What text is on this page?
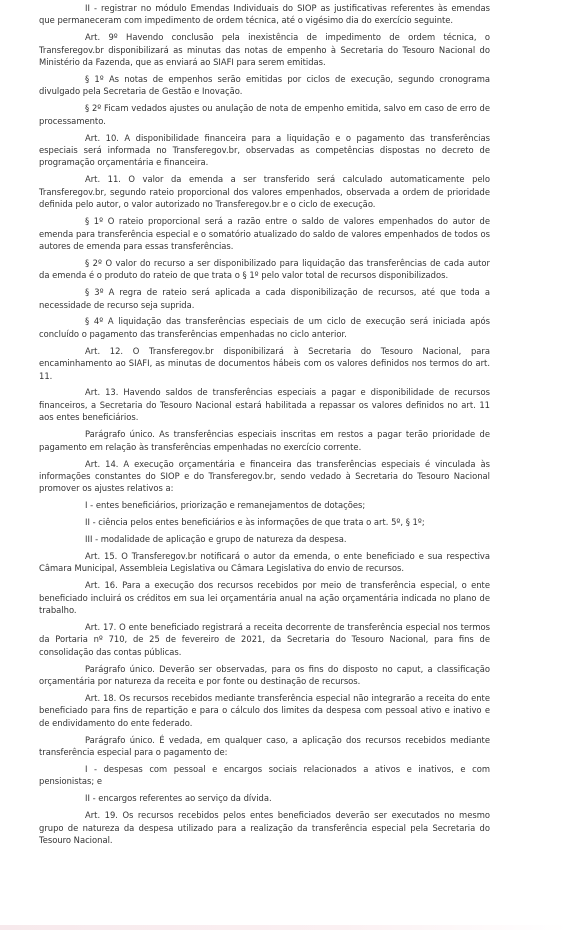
II - registrar no módulo Emendas Individuais do SIOP as justificativas referentes às emendas que permaneceram com impedimento de ordem técnica, até o vigésimo dia do exercício seguinte.

Art. 9º Havendo conclusão pela inexistência de impedimento de ordem técnica, o Transferegov.br disponibilizará as minutas das notas de empenho à Secretaria do Tesouro Nacional do Ministério da Fazenda, que as enviará ao SIAFI para serem emitidas.

§ 1º As notas de empenhos serão emitidas por ciclos de execução, segundo cronograma divulgado pela Secretaria de Gestão e Inovação.

§ 2º Ficam vedados ajustes ou anulação de nota de empenho emitida, salvo em caso de erro de processamento.

Art. 10. A disponibilidade financeira para a liquidação e o pagamento das transferências especiais será informada no Transferegov.br, observadas as competências dispostas no decreto de programação orçamentária e financeira.

Art. 11. O valor da emenda a ser transferido será calculado automaticamente pelo Transferegov.br, segundo rateio proporcional dos valores empenhados, observada a ordem de prioridade definida pelo autor, o valor autorizado no Transferegov.br e o ciclo de execução.

§ 1º O rateio proporcional será a razão entre o saldo de valores empenhados do autor de emenda para transferência especial e o somatório atualizado do saldo de valores empenhados de todos os autores de emenda para essas transferências.

§ 2º O valor do recurso a ser disponibilizado para liquidação das transferências de cada autor da emenda é o produto do rateio de que trata o § 1º pelo valor total de recursos disponibilizados.

§ 3º A regra de rateio será aplicada a cada disponibilização de recursos, até que toda a necessidade de recurso seja suprida.

§ 4º A liquidação das transferências especiais de um ciclo de execução será iniciada após concluído o pagamento das transferências empenhadas no ciclo anterior.

Art. 12. O Transferegov.br disponibilizará à Secretaria do Tesouro Nacional, para encaminhamento ao SIAFI, as minutas de documentos hábeis com os valores definidos nos termos do art. 11.

Art. 13. Havendo saldos de transferências especiais a pagar e disponibilidade de recursos financeiros, a Secretaria do Tesouro Nacional estará habilitada a repassar os valores definidos no art. 11 aos entes beneficiários.

Parágrafo único. As transferências especiais inscritas em restos a pagar terão prioridade de pagamento em relação às transferências empenhadas no exercício corrente.

Art. 14. A execução orçamentária e financeira das transferências especiais é vinculada às informações constantes do SIOP e do Transferegov.br, sendo vedado à Secretaria do Tesouro Nacional promover os ajustes relativos a:

I - entes beneficiários, priorização e remanejamentos de dotações;

II - ciência pelos entes beneficiários e às informações de que trata o art. 5º, § 1º;

III - modalidade de aplicação e grupo de natureza da despesa.

Art. 15. O Transferegov.br notificará o autor da emenda, o ente beneficiado e sua respectiva Câmara Municipal, Assembleia Legislativa ou Câmara Legislativa do envio de recursos.

Art. 16. Para a execução dos recursos recebidos por meio de transferência especial, o ente beneficiado incluirá os créditos em sua lei orçamentária anual na ação orçamentária indicada no plano de trabalho.

Art. 17. O ente beneficiado registrará a receita decorrente de transferência especial nos termos da Portaria nº 710, de 25 de fevereiro de 2021, da Secretaria do Tesouro Nacional, para fins de consolidação das contas públicas.

Parágrafo único. Deverão ser observadas, para os fins do disposto no caput, a classificação orçamentária por natureza da receita e por fonte ou destinação de recursos.

Art. 18. Os recursos recebidos mediante transferência especial não integrarão a receita do ente beneficiado para fins de repartição e para o cálculo dos limites da despesa com pessoal ativo e inativo e de endividamento do ente federado.

Parágrafo único. É vedada, em qualquer caso, a aplicação dos recursos recebidos mediante transferência especial para o pagamento de:

I - despesas com pessoal e encargos sociais relacionados a ativos e inativos, e com pensionistas; e

II - encargos referentes ao serviço da dívida.

Art. 19. Os recursos recebidos pelos entes beneficiados deverão ser executados no mesmo grupo de natureza da despesa utilizado para a realização da transferência especial pela Secretaria do Tesouro Nacional.
